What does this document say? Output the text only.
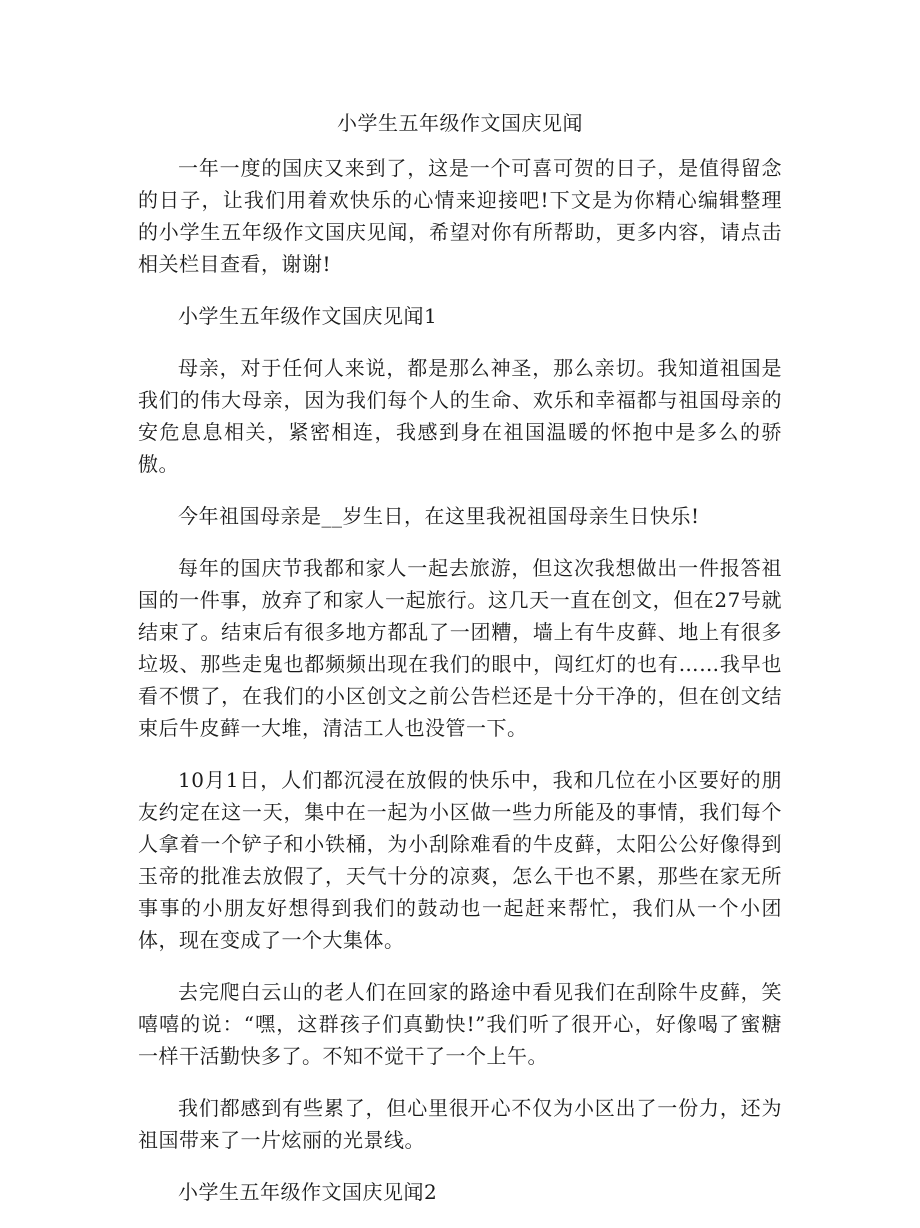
小学生五年级作文国庆见闻

一年一度的国庆又来到了，这是一个可喜可贺的日子，是值得留念的日子，让我们用着欢快乐的心情来迎接吧!下文是为你精心编辑整理的小学生五年级作文国庆见闻，希望对你有所帮助，更多内容，请点击相关栏目查看，谢谢!

小学生五年级作文国庆见闻1

母亲，对于任何人来说，都是那么神圣，那么亲切。我知道祖国是我们的伟大母亲，因为我们每个人的生命、欢乐和幸福都与祖国母亲的安危息息相关，紧密相连，我感到身在祖国温暖的怀抱中是多么的骄傲。

今年祖国母亲是__岁生日，在这里我祝祖国母亲生日快乐!

每年的国庆节我都和家人一起去旅游，但这次我想做出一件报答祖国的一件事，放弃了和家人一起旅行。这几天一直在创文，但在27号就结束了。结束后有很多地方都乱了一团糟，墙上有牛皮藓、地上有很多垃圾、那些走鬼也都频频出现在我们的眼中，闯红灯的也有……我早也看不惯了，在我们的小区创文之前公告栏还是十分干净的，但在创文结束后牛皮藓一大堆，清洁工人也没管一下。

10月1日，人们都沉浸在放假的快乐中，我和几位在小区要好的朋友约定在这一天，集中在一起为小区做一些力所能及的事情，我们每个人拿着一个铲子和小铁桶，为小刮除难看的牛皮藓，太阳公公好像得到玉帝的批准去放假了，天气十分的凉爽，怎么干也不累，那些在家无所事事的小朋友好想得到我们的鼓动也一起赶来帮忙，我们从一个小团体，现在变成了一个大集体。

去完爬白云山的老人们在回家的路途中看见我们在刮除牛皮藓，笑嘻嘻的说：“嘿，这群孩子们真勤快!”我们听了很开心，好像喝了蜜糖一样干活勤快多了。不知不觉干了一个上午。

我们都感到有些累了，但心里很开心不仅为小区出了一份力，还为祖国带来了一片炫丽的光景线。

小学生五年级作文国庆见闻2
